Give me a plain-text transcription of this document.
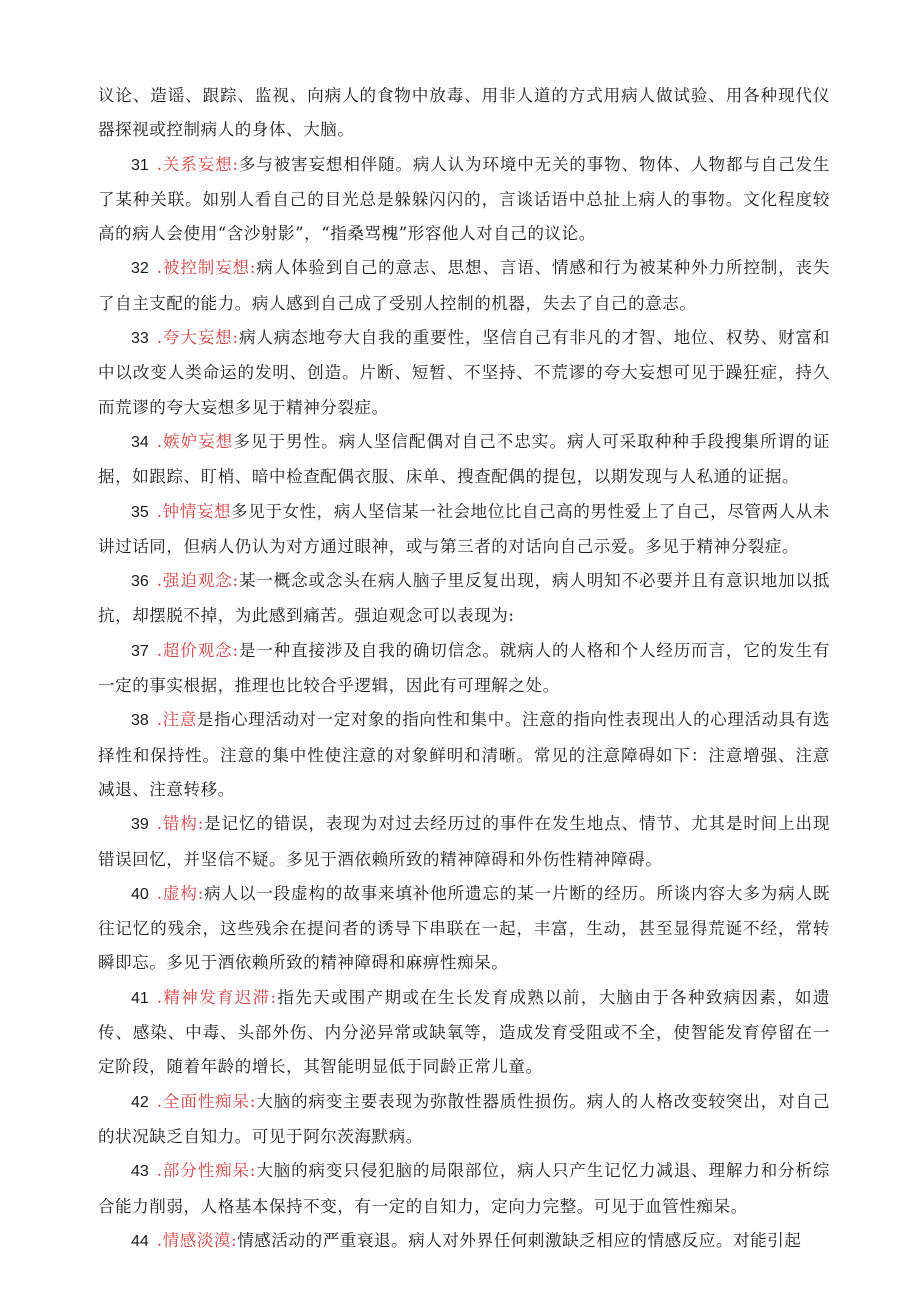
议论、造谣、跟踪、监视、向病人的食物中放毒、用非人道的方式用病人做试验、用各种现代仪器探视或控制病人的身体、大脑。

31 .关系妄想:多与被害妄想相伴随。病人认为环境中无关的事物、物体、人物都与自己发生了某种关联。如别人看自己的目光总是躲躲闪闪的，言谈话语中总扯上病人的事物。文化程度较高的病人会使用“含沙射影”，“指桑骂槐”形容他人对自己的议论。

32 .被控制妄想:病人体验到自己的意志、思想、言语、情感和行为被某种外力所控制，丧失了自主支配的能力。病人感到自己成了受别人控制的机器，失去了自己的意志。

33 .夸大妄想:病人病态地夸大自我的重要性，坚信自己有非凡的才智、地位、权势、财富和中以改变人类命运的发明、创造。片断、短暂、不坚持、不荒谬的夸大妄想可见于躁狂症，持久而荒谬的夸大妄想多见于精神分裂症。

34 .嫉妒妄想多见于男性。病人坚信配偶对自己不忠实。病人可采取种种手段搜集所谓的证据，如跟踪、盯梢、暗中检查配偶衣服、床单、搜查配偶的提包，以期发现与人私通的证据。

35 .钟情妄想多见于女性，病人坚信某一社会地位比自己高的男性爱上了自己，尽管两人从未讲过话同，但病人仍认为对方通过眼神，或与第三者的对话向自己示爱。多见于精神分裂症。

36 .强迫观念:某一概念或念头在病人脑子里反复出现，病人明知不必要并且有意识地加以抵抗，却摆脱不掉，为此感到痛苦。强迫观念可以表现为:

37 .超价观念:是一种直接涉及自我的确切信念。就病人的人格和个人经历而言，它的发生有一定的事实根据，推理也比较合乎逻辑，因此有可理解之处。

38 .注意是指心理活动对一定对象的指向性和集中。注意的指向性表现出人的心理活动具有选择性和保持性。注意的集中性使注意的对象鲜明和清晰。常见的注意障碍如下：注意增强、注意减退、注意转移。

39 .错构:是记忆的错误，表现为对过去经历过的事件在发生地点、情节、尤其是时间上出现错误回忆，并坚信不疑。多见于酒依赖所致的精神障碍和外伤性精神障碍。

40 .虚构:病人以一段虚构的故事来填补他所遗忘的某一片断的经历。所谈内容大多为病人既往记忆的残余，这些残余在提问者的诱导下串联在一起，丰富，生动，甚至显得荒诞不经，常转瞬即忘。多见于酒依赖所致的精神障碍和麻痹性痴呆。

41 .精神发育迟滞:指先天或围产期或在生长发育成熟以前，大脑由于各种致病因素，如遗传、感染、中毒、头部外伤、内分泌异常或缺氧等，造成发育受阻或不全，使智能发育停留在一定阶段，随着年龄的增长，其智能明显低于同龄正常儿童。

42 .全面性痴呆:大脑的病变主要表现为弥散性器质性损伤。病人的人格改变较突出，对自己的状况缺乏自知力。可见于阿尔茨海默病。

43 .部分性痴呆:大脑的病变只侵犯脑的局限部位，病人只产生记忆力减退、理解力和分析综合能力削弱，人格基本保持不变，有一定的自知力，定向力完整。可见于血管性痴呆。

44 .情感淡漠:情感活动的严重衰退。病人对外界任何刺激缺乏相应的情感反应。对能引起
